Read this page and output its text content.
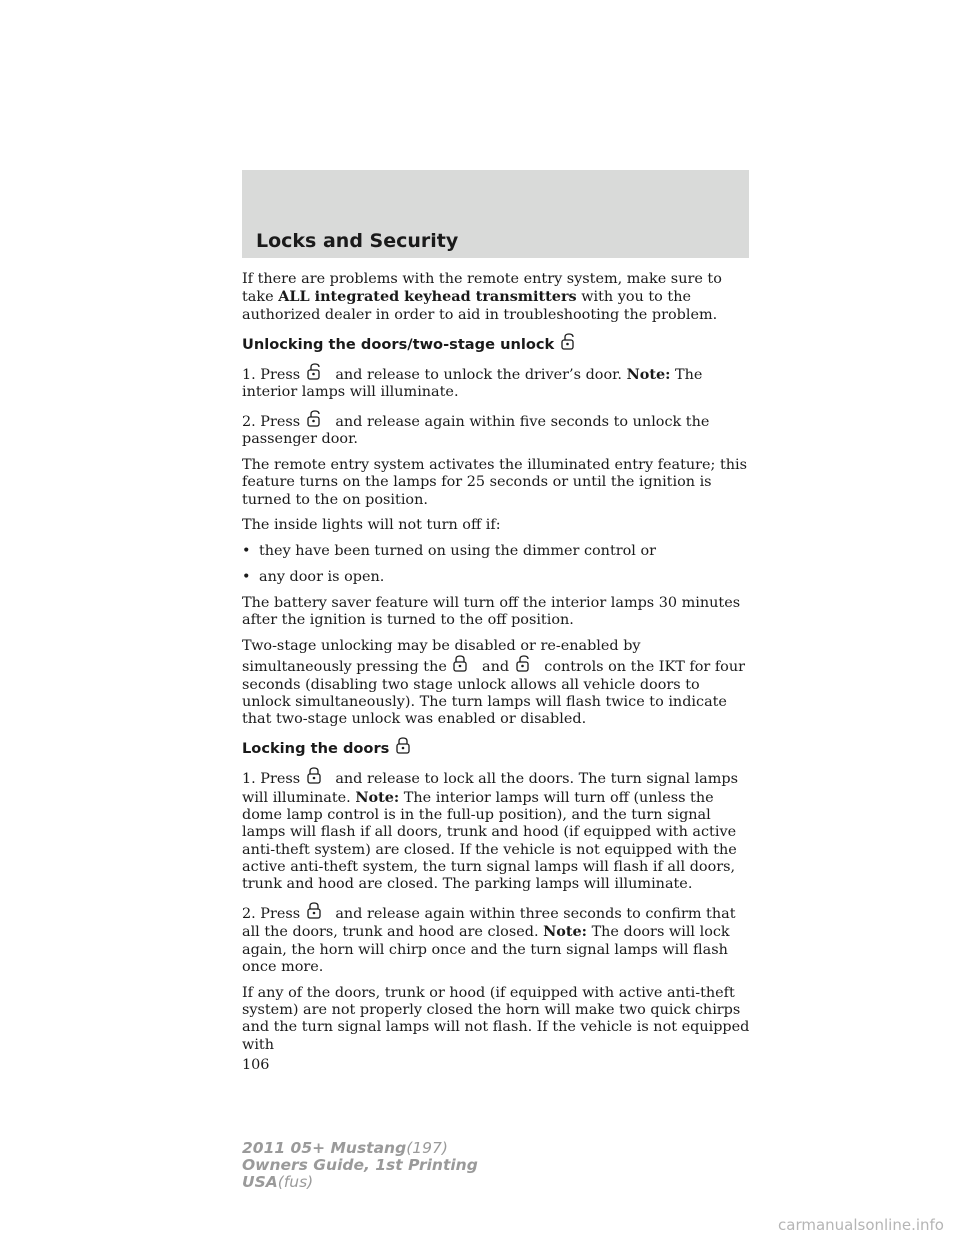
Locks and Security

If there are problems with the remote entry system, make sure to take ALL integrated keyhead transmitters with you to the authorized dealer in order to aid in troubleshooting the problem.

Unlocking the doors/two-stage unlock

1. Press and release to unlock the driver’s door. Note: The interior lamps will illuminate.

2. Press and release again within five seconds to unlock the passenger door.

The remote entry system activates the illuminated entry feature; this feature turns on the lamps for 25 seconds or until the ignition is turned to the on position.

The inside lights will not turn off if:

• they have been turned on using the dimmer control or
• any door is open.

The battery saver feature will turn off the interior lamps 30 minutes after the ignition is turned to the off position.

Two-stage unlocking may be disabled or re-enabled by simultaneously pressing the and controls on the IKT for four seconds (disabling two stage unlock allows all vehicle doors to unlock simultaneously). The turn lamps will flash twice to indicate that two-stage unlock was enabled or disabled.

Locking the doors

1. Press and release to lock all the doors. The turn signal lamps will illuminate. Note: The interior lamps will turn off (unless the dome lamp control is in the full-up position), and the turn signal lamps will flash if all doors, trunk and hood (if equipped with active anti-theft system) are closed. If the vehicle is not equipped with the active anti-theft system, the turn signal lamps will flash if all doors, trunk and hood are closed. The parking lamps will illuminate.

2. Press and release again within three seconds to confirm that all the doors, trunk and hood are closed. Note: The doors will lock again, the horn will chirp once and the turn signal lamps will flash once more.

If any of the doors, trunk or hood (if equipped with active anti-theft system) are not properly closed the horn will make two quick chirps and the turn signal lamps will not flash. If the vehicle is not equipped with

106
2011 05+ Mustang(197)
Owners Guide, 1st Printing
USA(fus)
carmanualsonline.info
